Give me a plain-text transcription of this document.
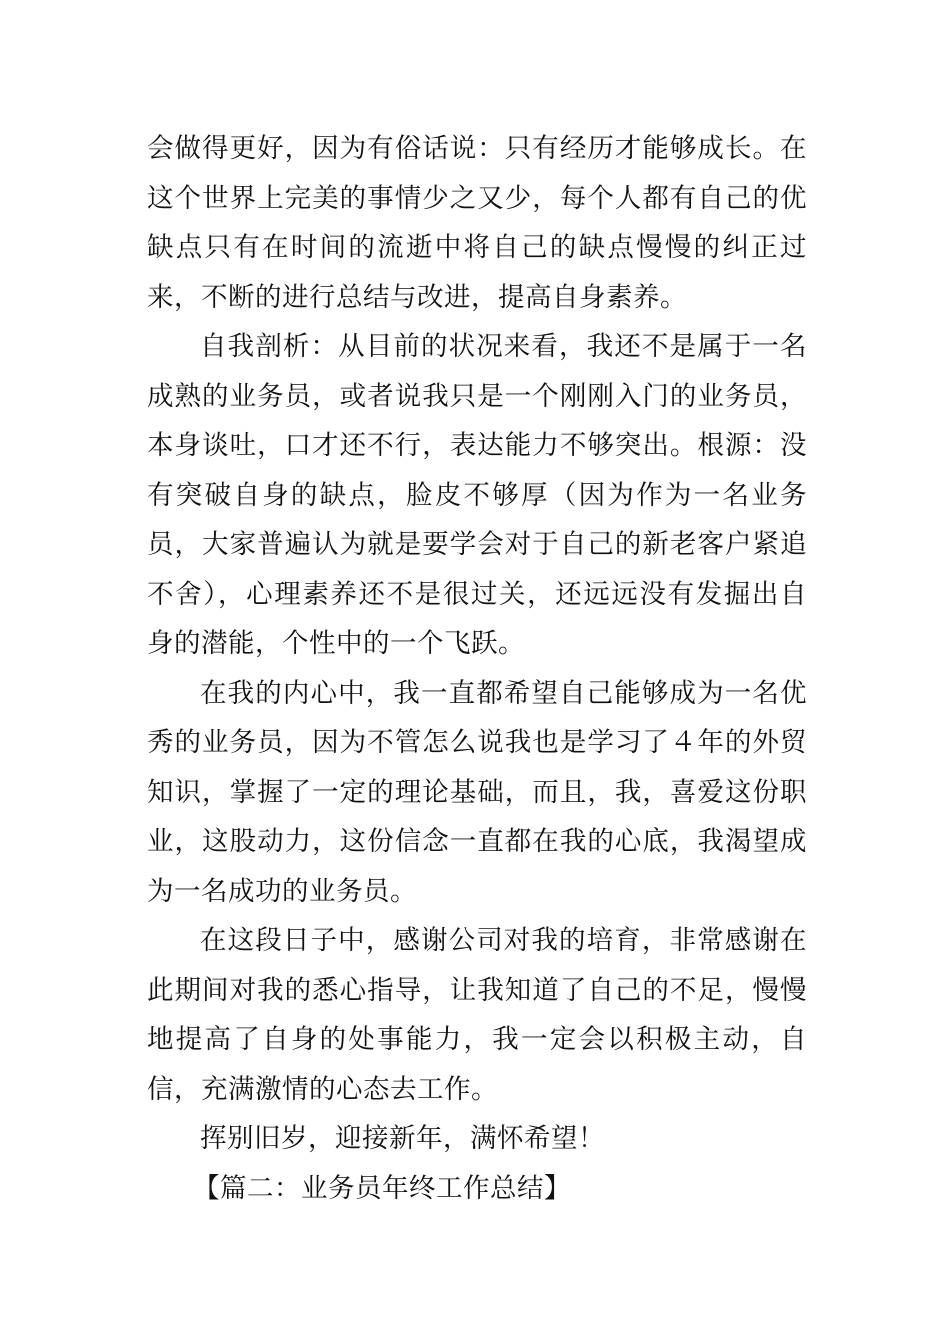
会做得更好，因为有俗话说：只有经历才能够成长。在这个世界上完美的事情少之又少，每个人都有自己的优缺点只有在时间的流逝中将自己的缺点慢慢的纠正过来，不断的进行总结与改进，提高自身素养。

自我剖析：从目前的状况来看，我还不是属于一名成熟的业务员，或者说我只是一个刚刚入门的业务员，本身谈吐，口才还不行，表达能力不够突出。根源：没有突破自身的缺点，脸皮不够厚（因为作为一名业务员，大家普遍认为就是要学会对于自己的新老客户紧追不舍），心理素养还不是很过关，还远远没有发掘出自身的潜能，个性中的一个飞跃。

在我的内心中，我一直都希望自己能够成为一名优秀的业务员，因为不管怎么说我也是学习了４年的外贸知识，掌握了一定的理论基础，而且，我，喜爱这份职业，这股动力，这份信念一直都在我的心底，我渴望成为一名成功的业务员。

在这段日子中，感谢公司对我的培育，非常感谢在此期间对我的悉心指导，让我知道了自己的不足，慢慢地提高了自身的处事能力，我一定会以积极主动，自信，充满激情的心态去工作。

挥别旧岁，迎接新年，满怀希望！

【篇二：业务员年终工作总结】
